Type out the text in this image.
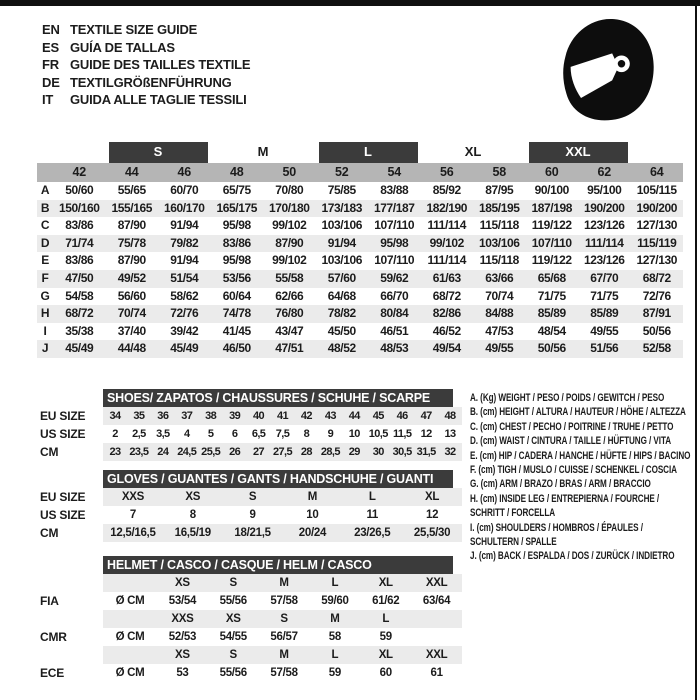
EN TEXTILE SIZE GUIDE
ES GUÍA DE TALLAS
FR GUIDE DES TAILLES TEXTILE
DE TEXTILGRÖßENFÜHRUNG
IT	GUIDA ALLE TAGLIE TESSILI
S	M	L	XL	XXL
42	44	46	48	50	52	54	56	58	60	62	64
A	50/60	55/65	60/70	65/75	70/80	75/85	83/88	85/92	87/95	90/100	95/100	105/115
B 150/160 155/165 160/170 165/175 170/180 173/183 177/187 182/190 185/195 187/198 190/200 190/200
C	83/86	87/90	91/94	95/98	99/102	103/106	107/110	111/114	115/118	119/122	123/126 127/130
D	71/74	75/78	79/82	83/86	87/90	91/94	95/98	99/102	103/106	107/110	111/114	115/119
E	83/86	87/90	91/94	95/98	99/102	103/106	107/110	111/114	115/118	119/122	123/126 127/130
F	47/50	49/52	51/54	53/56	55/58	57/60	59/62	61/63	63/66	65/68	67/70	68/72
G	54/58	56/60	58/62	60/64	62/66	64/68	66/70	68/72	70/74	71/75	71/75	72/76
H	68/72	70/74	72/76	74/78	76/80	78/82	80/84	82/86	84/88	85/89	85/89	87/91
I	35/38	37/40	39/42	41/45	43/47	45/50	46/51	46/52	47/53	48/54	49/55	50/56
J	45/49	44/48	45/49	46/50	47/51	48/52	48/53	49/54	49/55	50/56	51/56	52/58
SHOES/ ZAPATOS / CHAUSSURES / SCHUHE / SCARPE
EU SIZE	34	35	36	37	38	39	40	41	42	43	44	45	46	47	48
US SIZE	2	2,5 3,5	4	5	6	6,5 7,5	8	9	10 10,5 11,5 12	13
CM	23 23,5 24 24,5 25,5 26	27 27,5 28 28,5 29	30 30,5 31,5 32
GLOVES / GUANTES / GANTS / HANDSCHUHE / GUANTI
EU SIZE	XXS	XS	S	M	L	XL
US SIZE	7	8	9	10	11	12
CM	12,5/16,5	16,5/19	18/21,5	20/24	23/26,5	25,5/30
HELMET / CASCO / CASQUE / HELM / CASCO
XS	S	M	L	XL	XXL
FIA	Ø CM	53/54	55/56	57/58	59/60	61/62	63/64
XXS	XS	S	M	L
CMR	Ø CM	52/53	54/55	56/57	58	59
XS	S	M	L	XL	XXL
ECE	Ø CM	53	55/56	57/58	59	60	61
A. (Kg) WEIGHT / PESO / POIDS / GEWITCH / PESO
B. (cm) HEIGHT / ALTURA / HAUTEUR / HÖHE / ALTEZZA
C. (cm) CHEST / PECHO / POITRINE / TRUHE / PETTO
D. (cm) WAIST / CINTURA / TAILLE / HÜFTUNG / VITA
E. (cm) HIP / CADERA / HANCHE / HÜFTE / HIPS / BACINO
F. (cm) TIGH / MUSLO / CUISSE / SCHENKEL / COSCIA
G. (cm) ARM / BRAZO / BRAS / ARM / BRACCIO
H. (cm) INSIDE LEG / ENTREPIERNA / FOURCHE /
SCHRITT / FORCELLA
I. (cm) SHOULDERS / HOMBROS / ÉPAULES /
SCHULTERN / SPALLE
J. (cm) BACK / ESPALDA / DOS / ZURÜCK / INDIETRO
